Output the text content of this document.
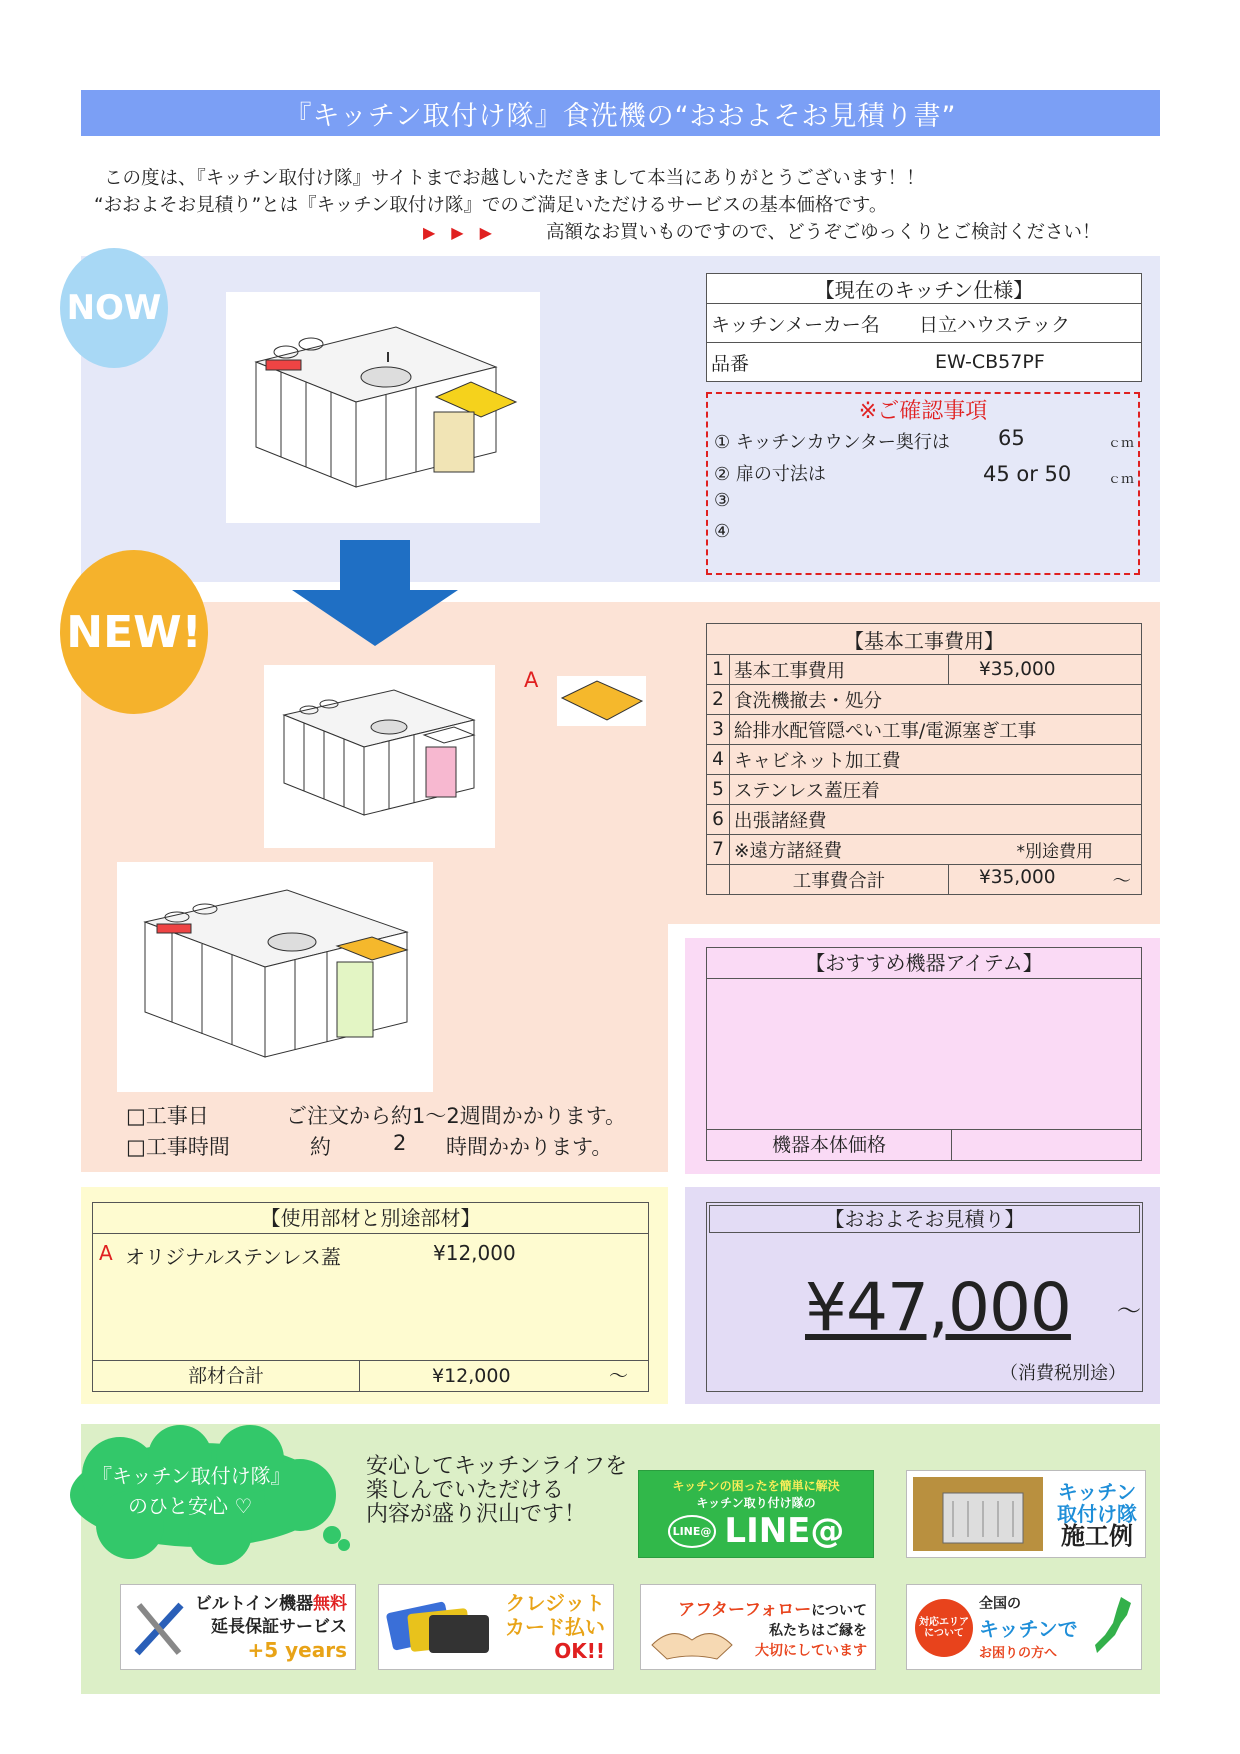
『キッチン取付け隊』食洗機の“おおよそお見積り書”
この度は、『キッチン取付け隊』サイトまでお越しいただきまして本当にありがとうございます！！
“おおよそお見積り”とは『キッチン取付け隊』でのご満足いただけるサービスの基本価格です。
▶　▶　▶	高額なお買いものですので、どうぞごゆっくりとご検討ください！
NOW	【現在のキッチン仕様】	
キッチンメーカー名	日立ハウステック
品番	EW-CB57PF
※ご確認事項
① キッチンカウンター奥行は 65	ｃｍ
② 扉の寸法は	45 or 50	ｃｍ
③
④
NEW!
A
【基本工事費用】		
1	基本工事費用	¥35,000
2	食洗機撤去・処分	
3	給排水配管隠ぺい工事/電源塞ぎ工事	
4	キャビネット加工費	
5	ステンレス蓋圧着	
6	出張諸経費	
7	※遠方諸経費 *別途費用	

	工事費合計	¥35,000 ～
□工事日	ご注文から約1～2週間かかります。
□工事時間	約	2 時間かかります。
【おすすめ機器アイテム】
機器本体価格
【使用部材と別途部材】
A オリジナルステンレス蓋	¥12,000
部材合計	¥12,000	～
【おおよそお見積り】
¥47,000 ～
（消費税別途）
『キッチン取付け隊』
のひと安心 ♡
安心してキッチンライフを
楽しんでいただける
内容が盛り沢山です！
キッチンの困ったを簡単に解決
キッチン取り付け隊の
LINE@ LINE@
キッチン
取付け隊
施工例
ビルトイン機器無料
延長保証サービス
+5 years
クレジット
カード払い
OK!!
アフターフォローについて
私たちはご縁を
大切にしています
対応エリアについて
全国の
キッチンで
お困りの方へ
